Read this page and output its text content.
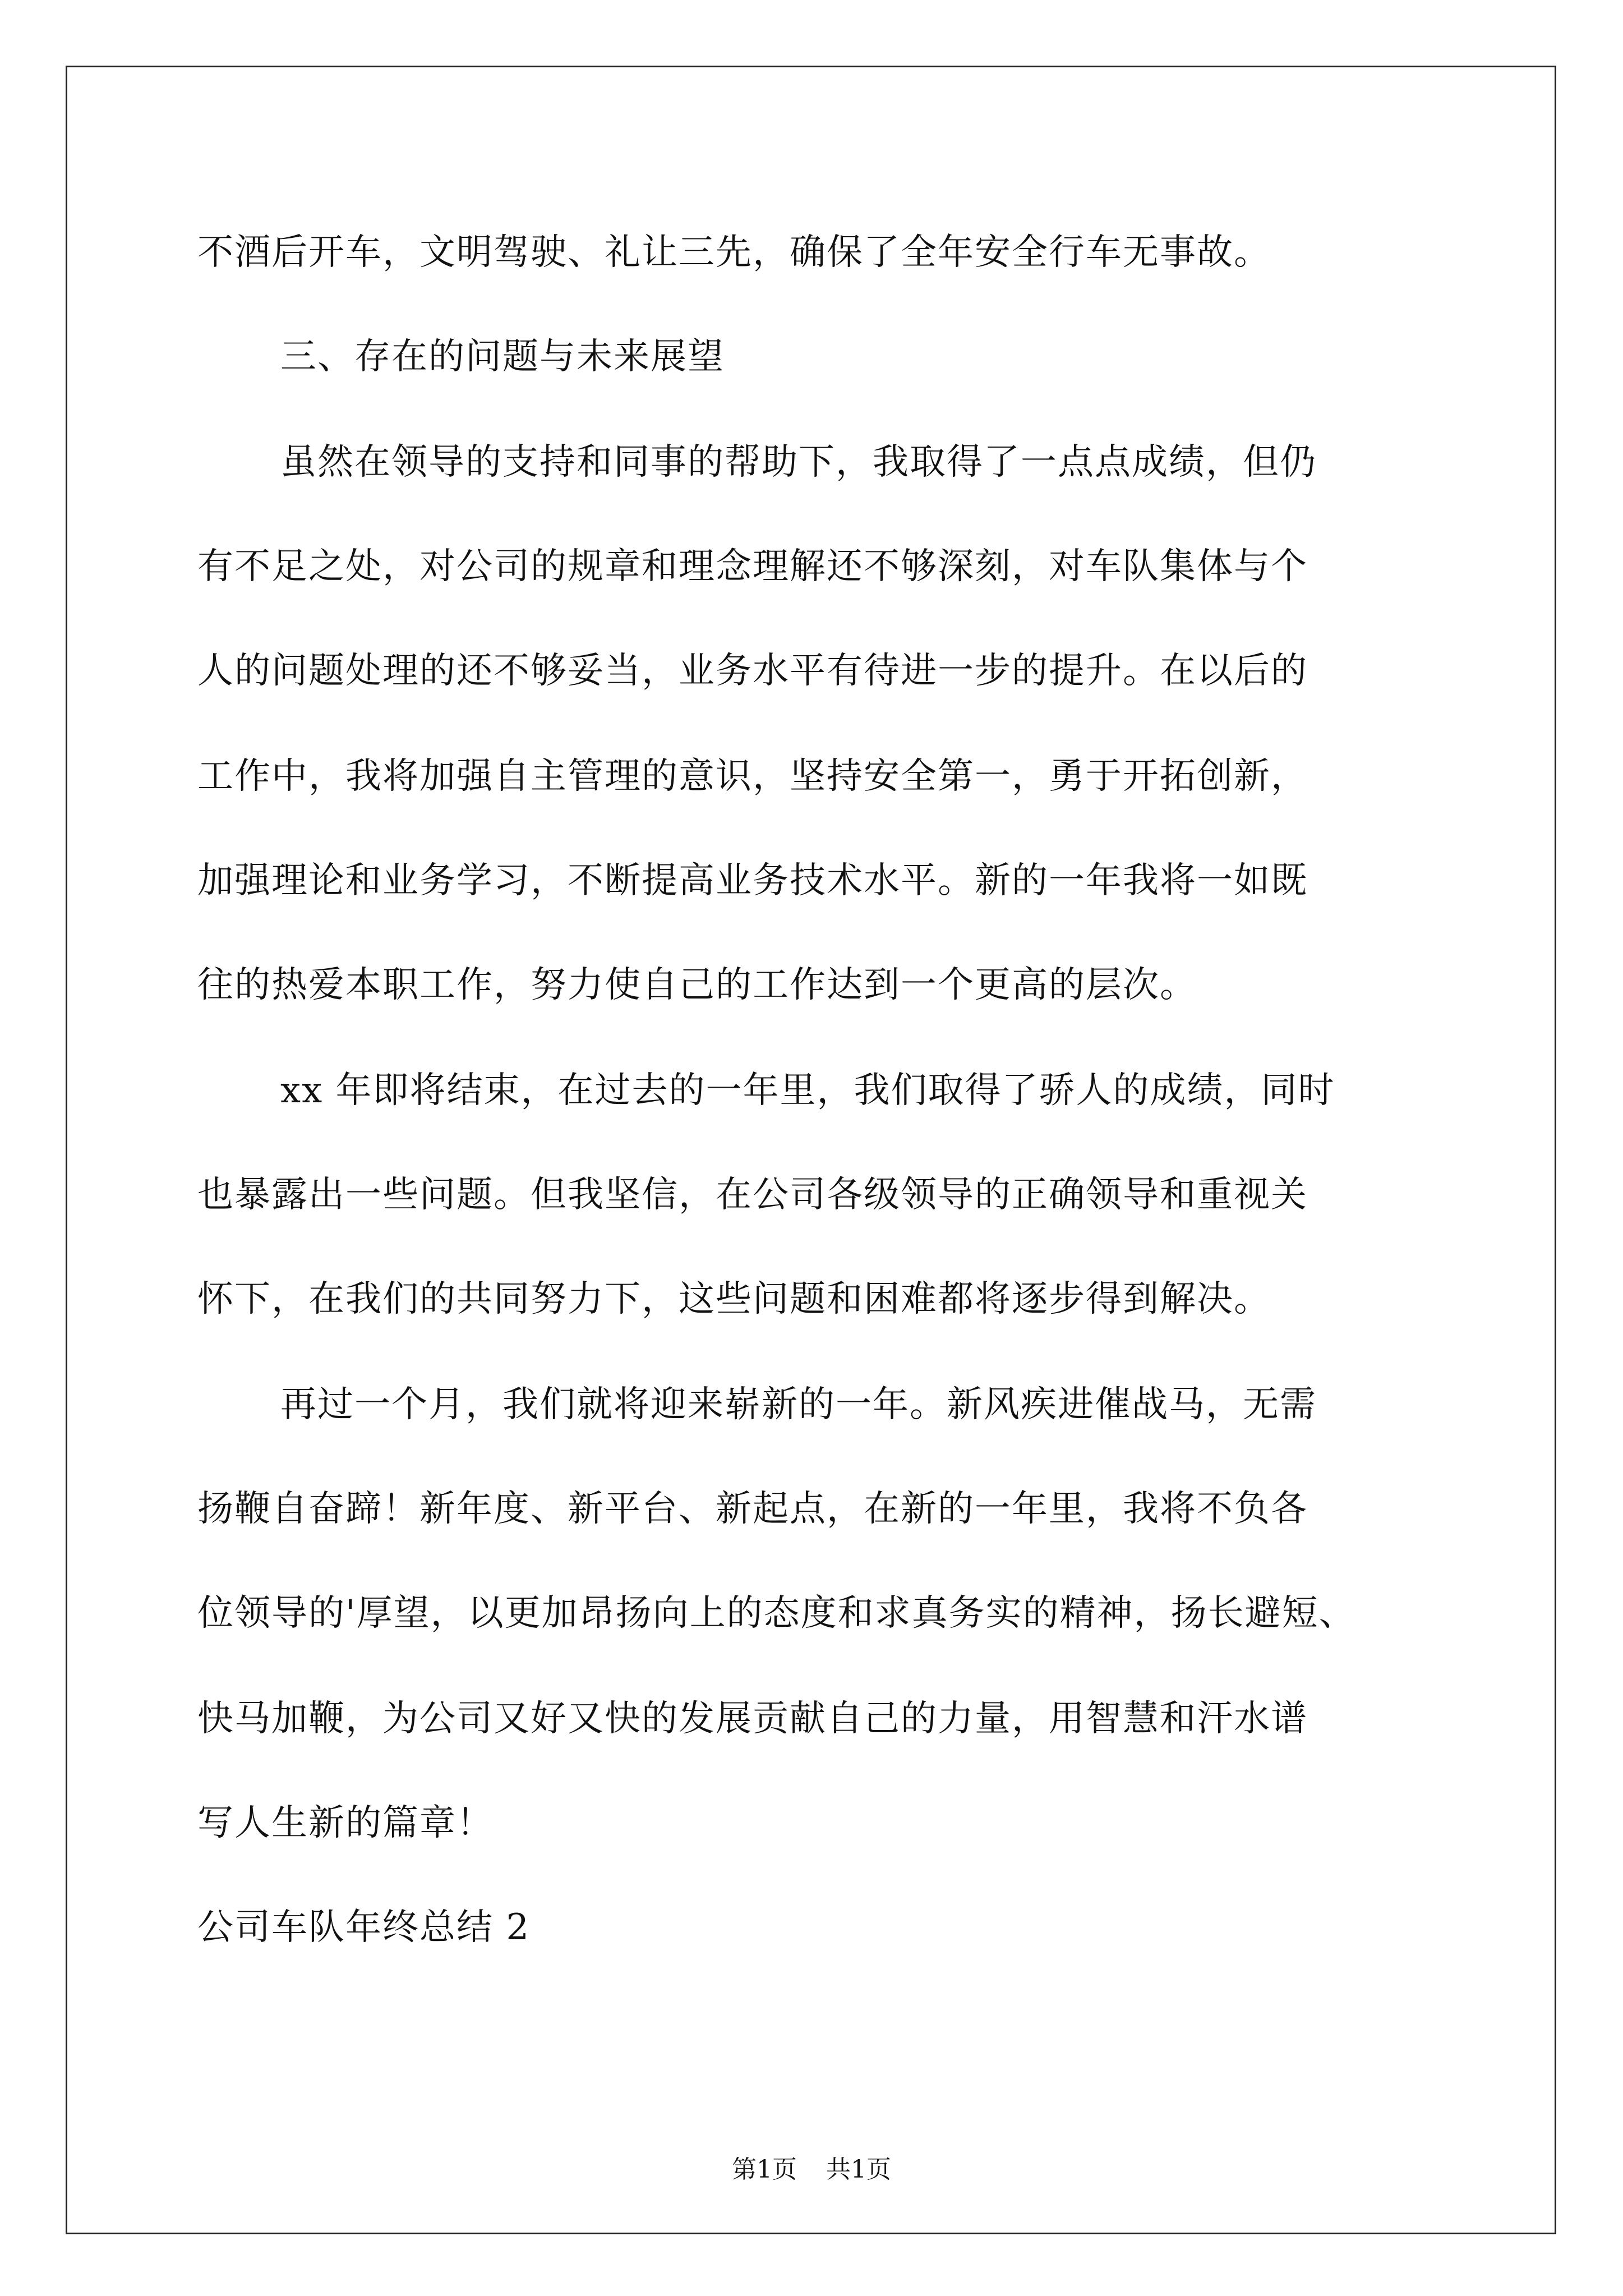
不酒后开车，文明驾驶、礼让三先，确保了全年安全行车无事故。
三、存在的问题与未来展望
虽然在领导的支持和同事的帮助下，我取得了一点点成绩，但仍
有不足之处，对公司的规章和理念理解还不够深刻，对车队集体与个
人的问题处理的还不够妥当，业务水平有待进一步的提升。在以后的
工作中，我将加强自主管理的意识，坚持安全第一，勇于开拓创新，
加强理论和业务学习，不断提高业务技术水平。新的一年我将一如既
往的热爱本职工作，努力使自己的工作达到一个更高的层次。
xx 年即将结束，在过去的一年里，我们取得了骄人的成绩，同时
也暴露出一些问题。但我坚信，在公司各级领导的正确领导和重视关
怀下，在我们的共同努力下，这些问题和困难都将逐步得到解决。
再过一个月，我们就将迎来崭新的一年。新风疾进催战马，无需
扬鞭自奋蹄！新年度、新平台、新起点，在新的一年里，我将不负各
位领导的'厚望，以更加昂扬向上的态度和求真务实的精神，扬长避短、
快马加鞭，为公司又好又快的发展贡献自己的力量，用智慧和汗水谱
写人生新的篇章！
公司车队年终总结 2
第1页 共1页
